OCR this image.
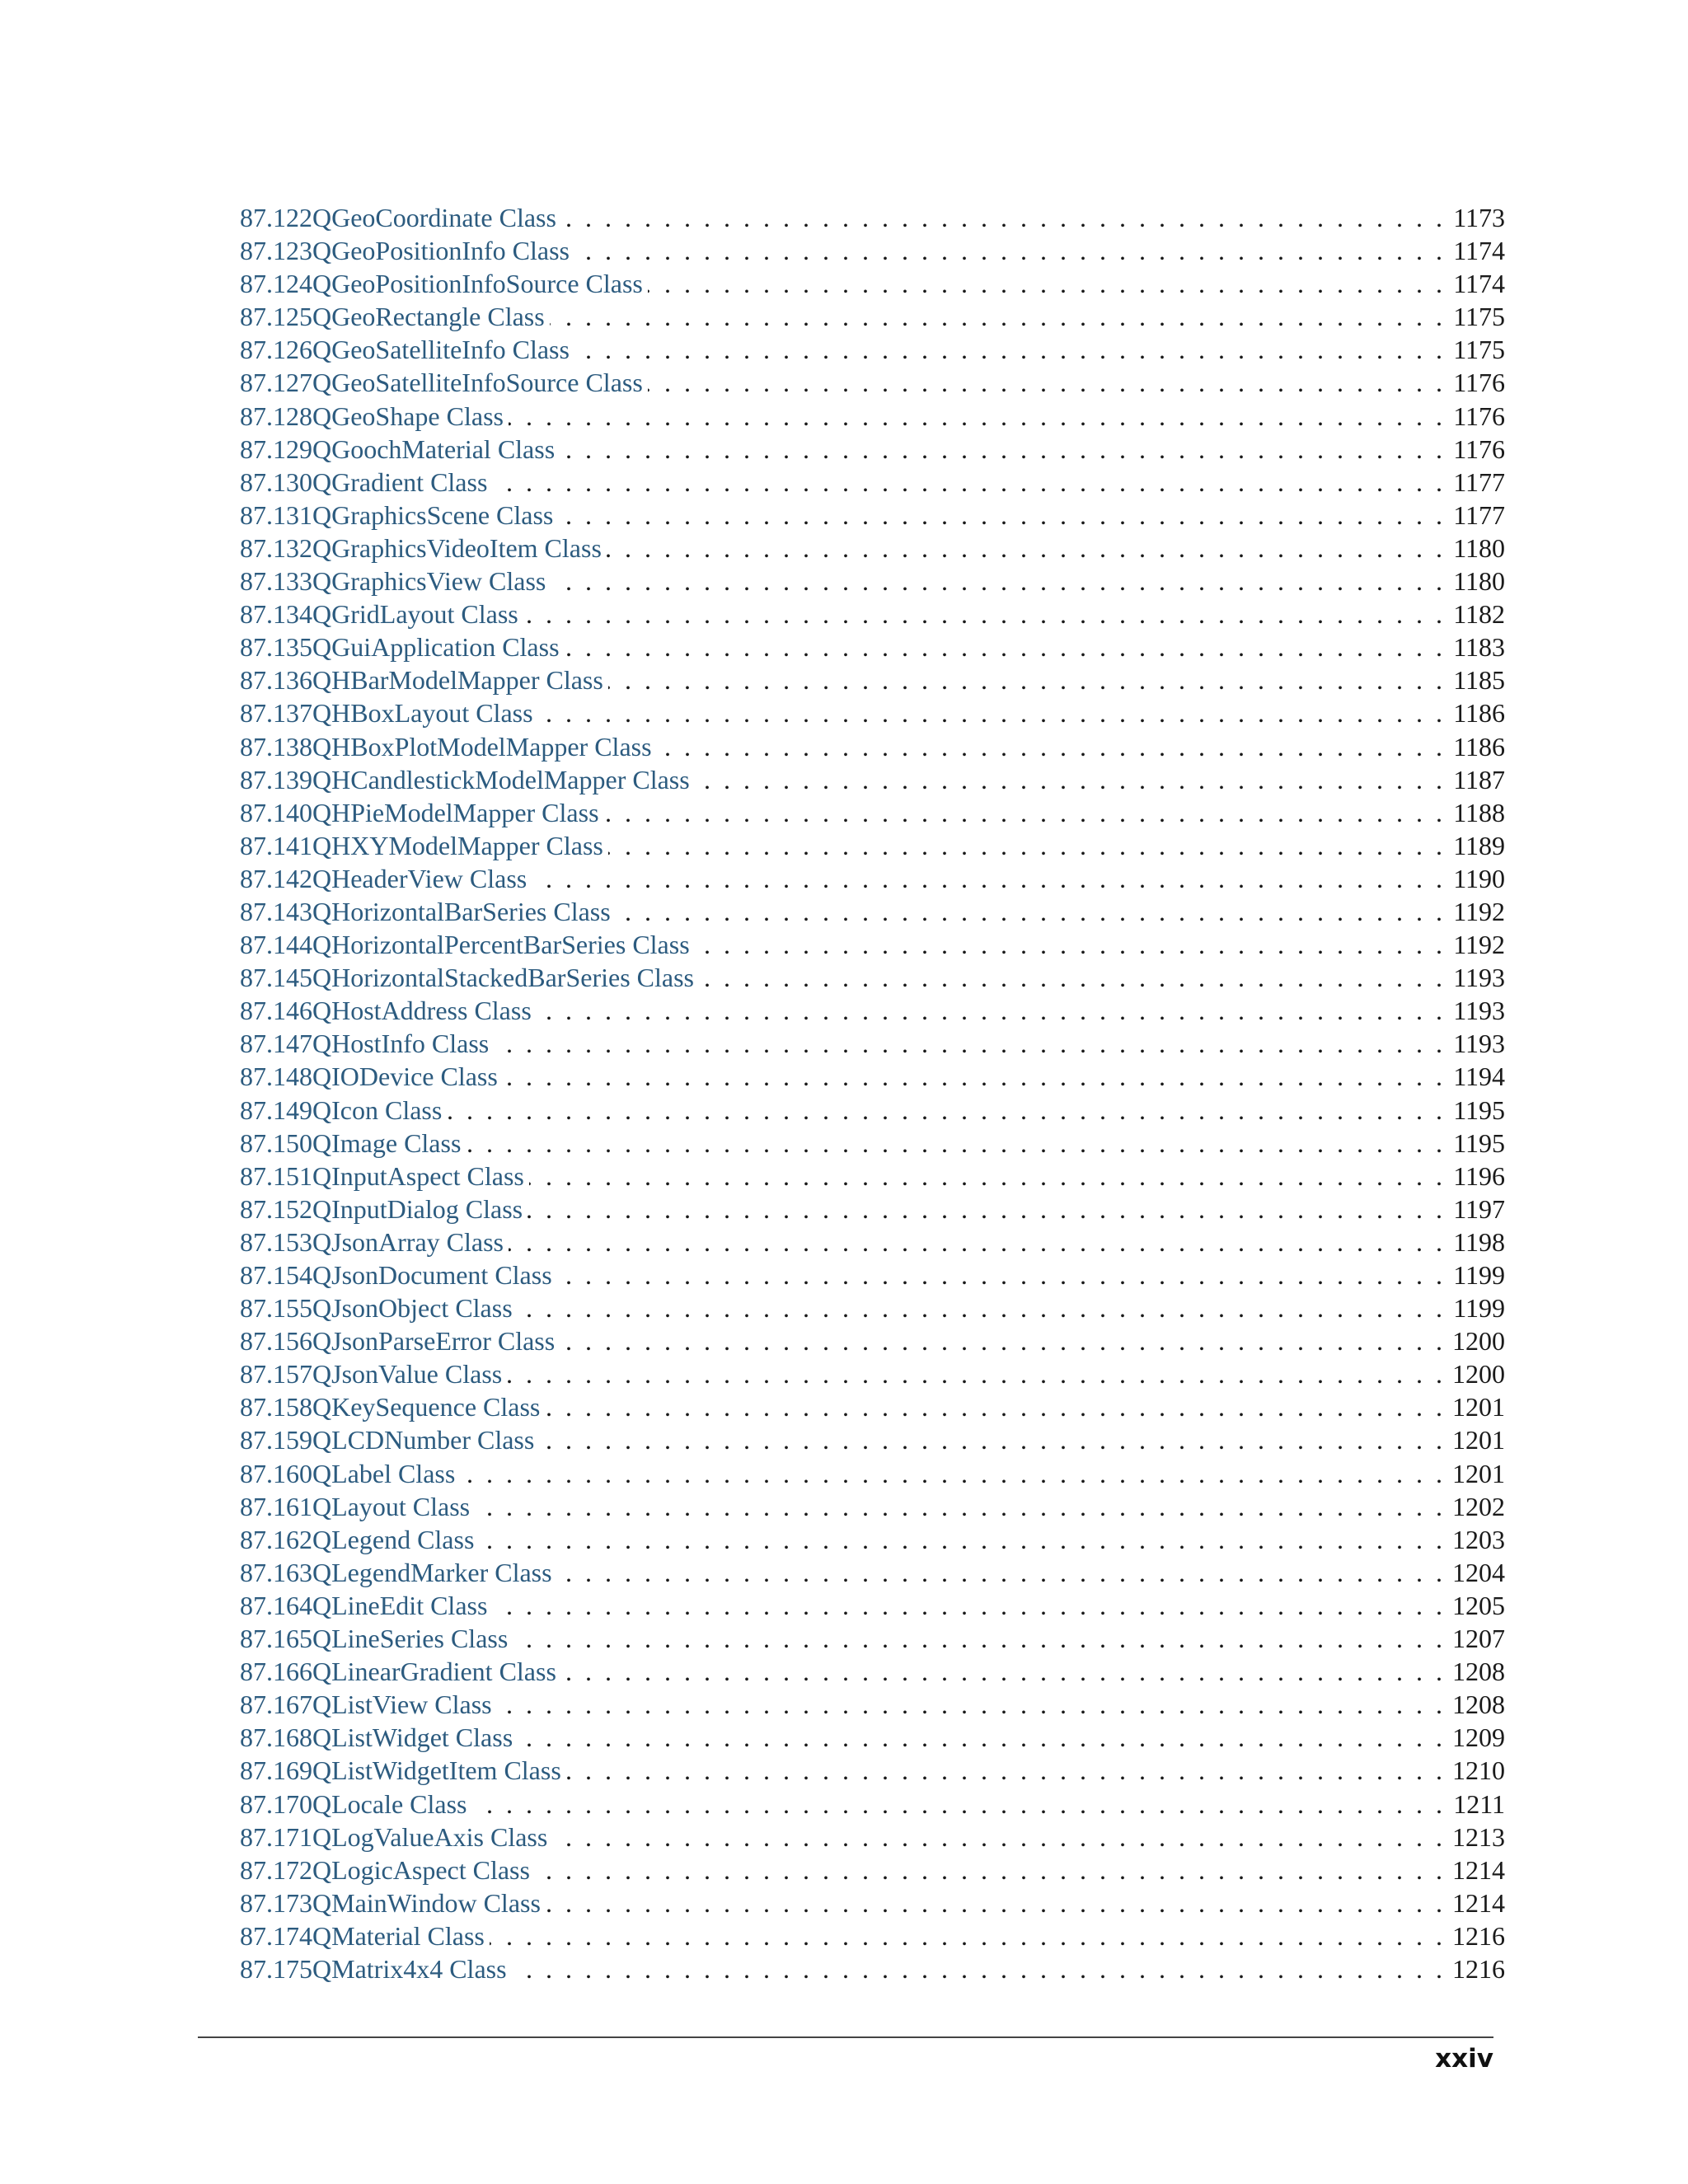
87.122 QGeoCoordinate Class . . .	1173
87.123 QGeoPositionInfo Class . . .	1174
87.124 QGeoPositionInfoSource Class . . .	1174
87.125 QGeoRectangle Class . . .	1175
87.126 QGeoSatelliteInfo Class . . .	1175
87.127 QGeoSatelliteInfoSource Class . . .	1176
87.128 QGeoShape Class . . .	1176
87.129 QGoochMaterial Class . . .	1176
87.130 QGradient Class . . .	1177
87.131 QGraphicsScene Class . . .	1177
87.132 QGraphicsVideoItem Class . . .	1180
87.133 QGraphicsView Class . . .	1180
87.134 QGridLayout Class . . .	1182
87.135 QGuiApplication Class . . .	1183
87.136 QHBarModelMapper Class . . .	1185
87.137 QHBoxLayout Class . . .	1186
87.138 QHBoxPlotModelMapper Class . . .	1186
87.139 QHCandlestickModelMapper Class . . .	1187
87.140 QHPieModelMapper Class . . .	1188
87.141 QHXYModelMapper Class . . .	1189
87.142 QHeaderView Class . . .	1190
87.143 QHorizontalBarSeries Class . . .	1192
87.144 QHorizontalPercentBarSeries Class . . .	1192
87.145 QHorizontalStackedBarSeries Class . . .	1193
87.146 QHostAddress Class . . .	1193
87.147 QHostInfo Class . . .	1193
87.148 QIODevice Class . . .	1194
87.149 QIcon Class . . .	1195
87.150 QImage Class . . .	1195
87.151 QInputAspect Class . . .	1196
87.152 QInputDialog Class . . .	1197
87.153 QJsonArray Class . . .	1198
87.154 QJsonDocument Class . . .	1199
87.155 QJsonObject Class . . .	1199
87.156 QJsonParseError Class . . .	1200
87.157 QJsonValue Class . . .	1200
87.158 QKeySequence Class . . .	1201
87.159 QLCDNumber Class . . .	1201
87.160 QLabel Class . . .	1201
87.161 QLayout Class . . .	1202
87.162 QLegend Class . . .	1203
87.163 QLegendMarker Class . . .	1204
87.164 QLineEdit Class . . .	1205
87.165 QLineSeries Class . . .	1207
87.166 QLinearGradient Class . . .	1208
87.167 QListView Class . . .	1208
87.168 QListWidget Class . . .	1209
87.169 QListWidgetItem Class . . .	1210
87.170 QLocale Class . . .	1211
87.171 QLogValueAxis Class . . .	1213
87.172 QLogicAspect Class . . .	1214
87.173 QMainWindow Class . . .	1214
87.174 QMaterial Class . . .	1216
87.175 QMatrix4x4 Class . . .	1216
xxiv
